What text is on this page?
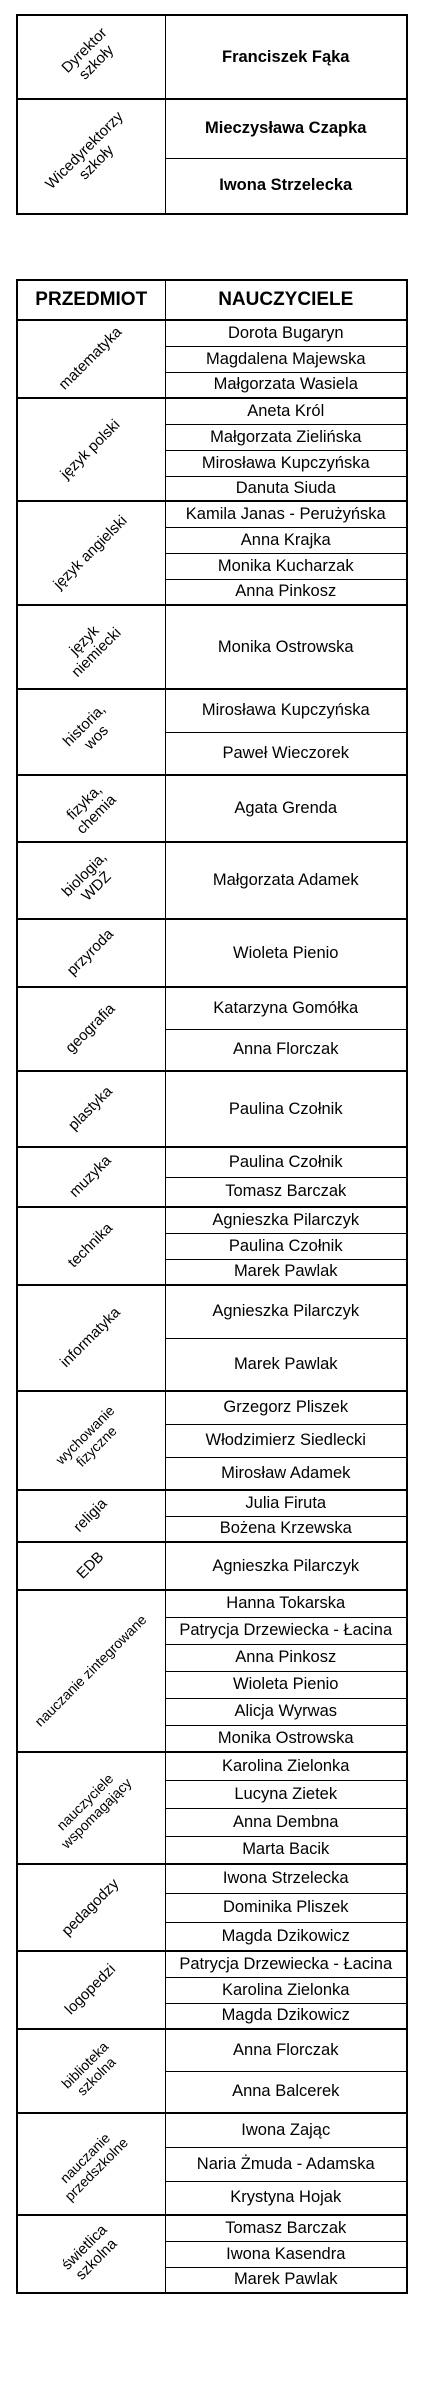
Dyrektor
szkoły	Franciszek Fąka

Wicedyrektorzy
szkoły	Mieczysława Czapka
	Iwona Strzelecka
PRZEDMIOT	NAUCZYCIELE

matematyka	Dorota Bugaryn
	Magdalena Majewska
	Małgorzata Wasiela

język polski	Aneta Król
	Małgorzata Zielińska
	Mirosława Kupczyńska
	Danuta Siuda

język angielski	Kamila Janas - Perużyńska
	Anna Krajka
	Monika Kucharzak
	Anna Pinkosz

język
niemiecki	Monika Ostrowska

historia,
wos	Mirosława Kupczyńska
	Paweł Wieczorek

fizyka,
chemia	Agata Grenda

biologia,
WDŻ	Małgorzata Adamek

przyroda	Wioleta Pienio

geografia	Katarzyna Gomółka
	Anna Florczak

plastyka	Paulina Czołnik

muzyka	Paulina Czołnik
	Tomasz Barczak

technika	Agnieszka Pilarczyk
	Paulina Czołnik
	Marek Pawlak

informatyka	Agnieszka Pilarczyk
	Marek Pawlak

wychowanie
fizyczne	Grzegorz Pliszek
	Włodzimierz Siedlecki
	Mirosław Adamek

religia	Julia Firuta
	Bożena Krzewska

EDB	Agnieszka Pilarczyk

nauczanie zintegrowane	Hanna Tokarska
	Patrycja Drzewiecka - Łacina
	Anna Pinkosz
	Wioleta Pienio
	Alicja Wyrwas
	Monika Ostrowska

nauczyciele
wspomagający	Karolina Zielonka
	Lucyna Zietek
	Anna Dembna
	Marta Bacik

pedagodzy	Iwona Strzelecka
	Dominika Pliszek
	Magda Dzikowicz

logopedzi	Patrycja Drzewiecka - Łacina
	Karolina Zielonka
	Magda Dzikowicz

biblioteka
szkolna	Anna Florczak
	Anna Balcerek

nauczanie
przedszkolne	Iwona Zając
	Naria Żmuda - Adamska
	Krystyna Hojak

świetlica
szkolna	Tomasz Barczak
	Iwona Kasendra
	Marek Pawlak
